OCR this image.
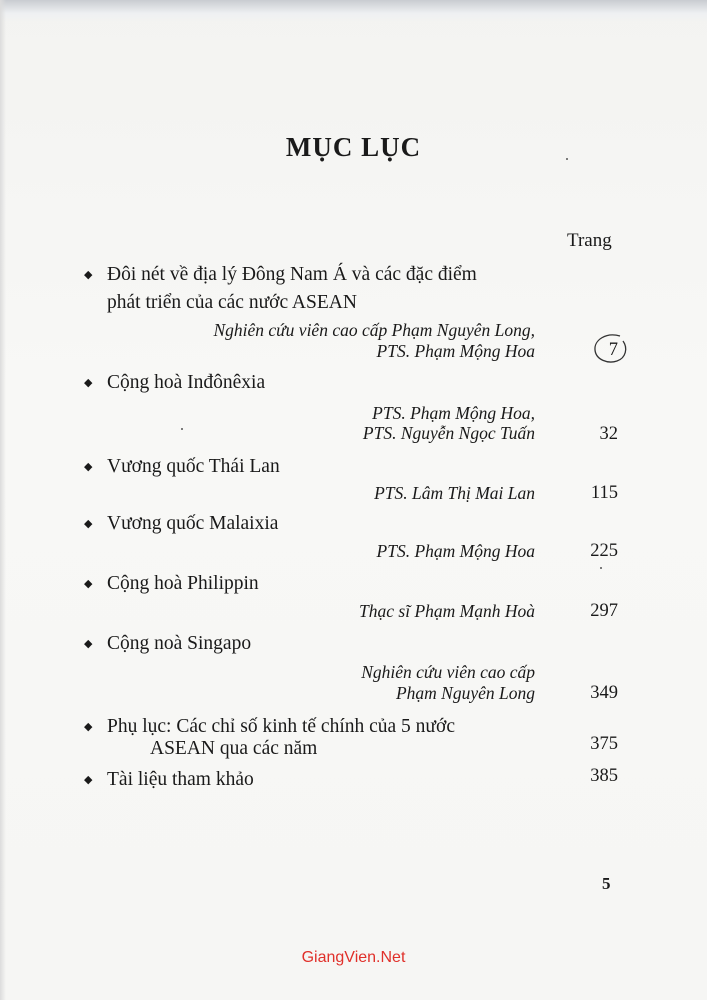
MỤC LỤC
Trang
◆ Đôi nét về địa lý Đông Nam Á và các đặc điểm
phát triển của các nước ASEAN
Nghiên cứu viên cao cấp Phạm Nguyên Long,
PTS. Phạm Mộng Hoa	7
◆ Cộng hoà Inđônêxia
PTS. Phạm Mộng Hoa,
PTS. Nguyễn Ngọc Tuấn	32
◆ Vương quốc Thái Lan
PTS. Lâm Thị Mai Lan	115
◆ Vương quốc Malaixia
PTS. Phạm Mộng Hoa	225
◆ Cộng hoà Philippin
Thạc sĩ Phạm Mạnh Hoà	297
◆ Cộng noà Singapo
Nghiên cứu viên cao cấp
Phạm Nguyên Long	349
◆ Phụ lục: Các chỉ số kinh tế chính của 5 nước
ASEAN qua các năm	375
◆ Tài liệu tham khảo	385
5
GiangVien.Net
